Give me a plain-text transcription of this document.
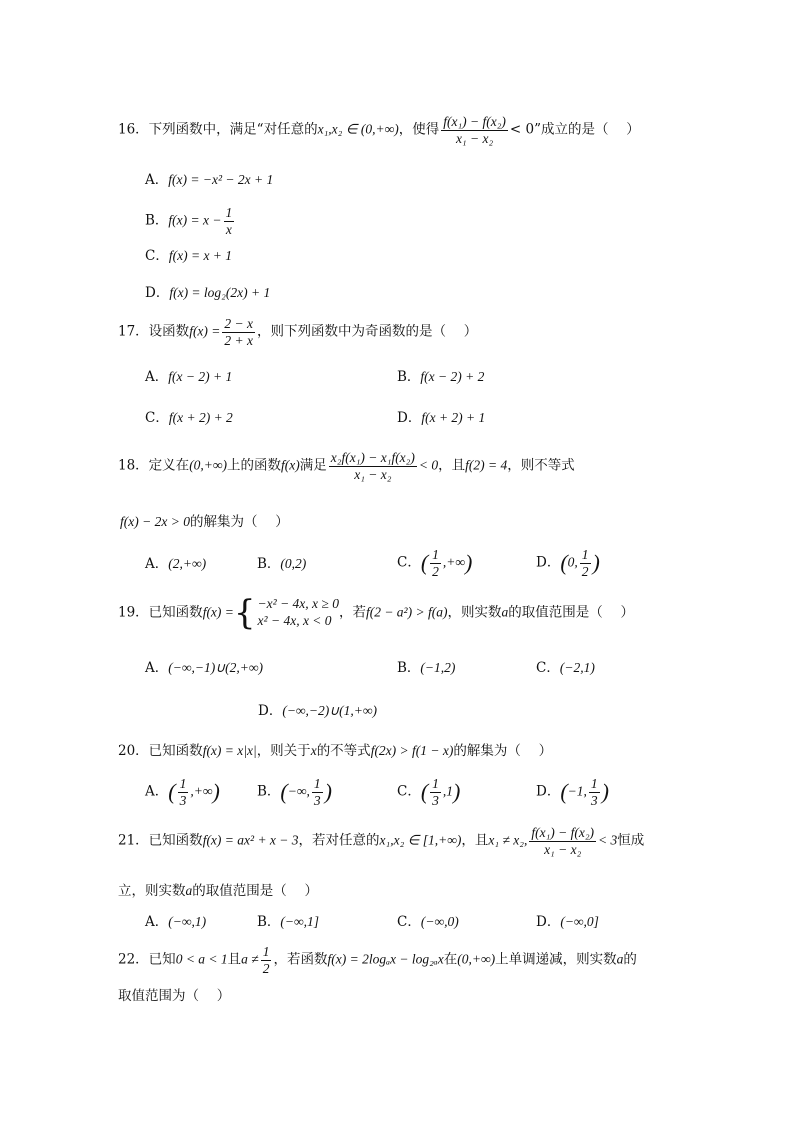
16．下列函数中，满足“对任意的x₁,x₂ ∈ (0,+∞)，使得 $\frac{\text{f(x₁) − f(x₂)}}{\text{x₁ − x₂}} < 0$”成立的是（　 ）
A．f(x) = −x² − 2x + 1
B．$f(x) = x - \frac{1}{x}$
C．f(x) = x + 1
D．f(x) = log₂(2x) + 1
17．设函数$f(x) = \frac{2 - x}{2 + x}$ ，则下列函数中为奇函数的是（　 ）
A．f(x − 2) + 1	B．f(x − 2) + 2
C．f(x + 2) + 2	D．f(x + 2) + 1
18．定义在(0,+∞)上的函数f(x)满足 $\frac{\text{x₂f(x₁) − x₁f(x₂)}}{\text{x₁ − x₂}} < 0$，且f(2) = 4，则不等式
f(x) − 2x > 0的解集为（　 ）
A．(2,+∞)	B．(0,2)	C．( $\frac{1}{2}$ ,+∞)	D．(0, $\frac{1}{2}$ )
19．已知函数f(x) = { −x² − 4x, x ≥ 0
x² − 4x, x < 0 ，若f(2 − a²) > f(a)，则实数a的取值范围是（　 ）
A．(−∞,−1)∪(2,+∞)	B．(−1,2)	C．(−2,1)
D．(−∞,−2)∪(1,+∞)
20．已知函数f(x) = x|x|，则关于x的不等式f(2x) > f(1 − x)的解集为（　 ）
A．( $\frac{1}{3}$ ,+∞)	B．(−∞, $\frac{1}{3}$ )	C．( $\frac{1}{3} ,1$)	D．(−1, $\frac{1}{3}$ )
21．已知函数f(x) = ax² + x − 3，若对任意的x₁,x₂ ∈ [1,+∞)，且x₁ ≠ x₂, $\frac{\text{f(x₁) − f(x₂)}}{\text{x₁ − x₂}} < 3$恒成
立，则实数a的取值范围是（　 ）
A．(−∞,1)	B．(−∞,1]	C．(−∞,0)	D．(−∞,0]
22．已知0 < a < 1且$a \ne \frac{1}{2}$ ，若函数f(x) = 2logₐx − log₂ₐx在(0,+∞)上单调递减，则实数a的
取值范围为（　 ）
